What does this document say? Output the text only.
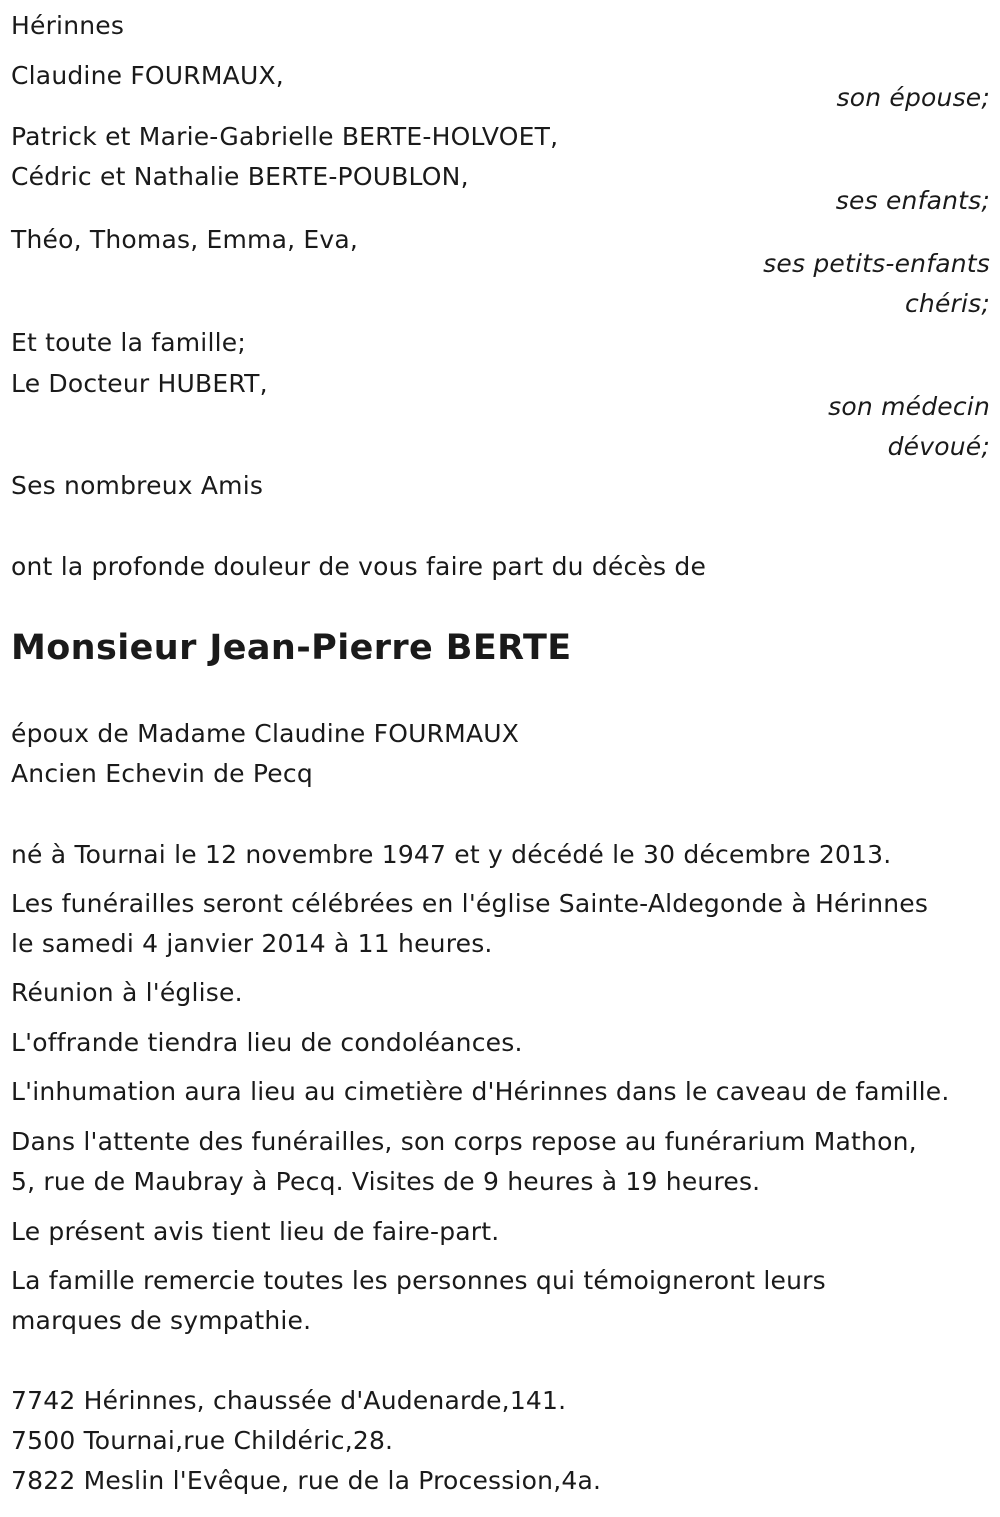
Hérinnes
Claudine FOURMAUX,
son épouse;
Patrick et Marie-Gabrielle BERTE-HOLVOET,
Cédric et Nathalie BERTE-POUBLON,
ses enfants;
Théo, Thomas, Emma, Eva,
ses petits-enfants
chéris;
Et toute la famille;
Le Docteur HUBERT,
son médecin
dévoué;
Ses nombreux Amis
ont la profonde douleur de vous faire part du décès de
Monsieur Jean-Pierre BERTE
époux de Madame Claudine FOURMAUX
Ancien Echevin de Pecq
né à Tournai le 12 novembre 1947 et y décédé le 30 décembre 2013.
Les funérailles seront célébrées en l'église Sainte-Aldegonde à Hérinnes
le samedi 4 janvier 2014 à 11 heures.
Réunion à l'église.
L'offrande tiendra lieu de condoléances.
L'inhumation aura lieu au cimetière d'Hérinnes dans le caveau de famille.
Dans l'attente des funérailles, son corps repose au funérarium Mathon,
5, rue de Maubray à Pecq. Visites de 9 heures à 19 heures.
Le présent avis tient lieu de faire-part.
La famille remercie toutes les personnes qui témoigneront leurs
marques de sympathie.
7742 Hérinnes, chaussée d'Audenarde,141.
7500 Tournai,rue Childéric,28.
7822 Meslin l'Evêque, rue de la Procession,4a.
